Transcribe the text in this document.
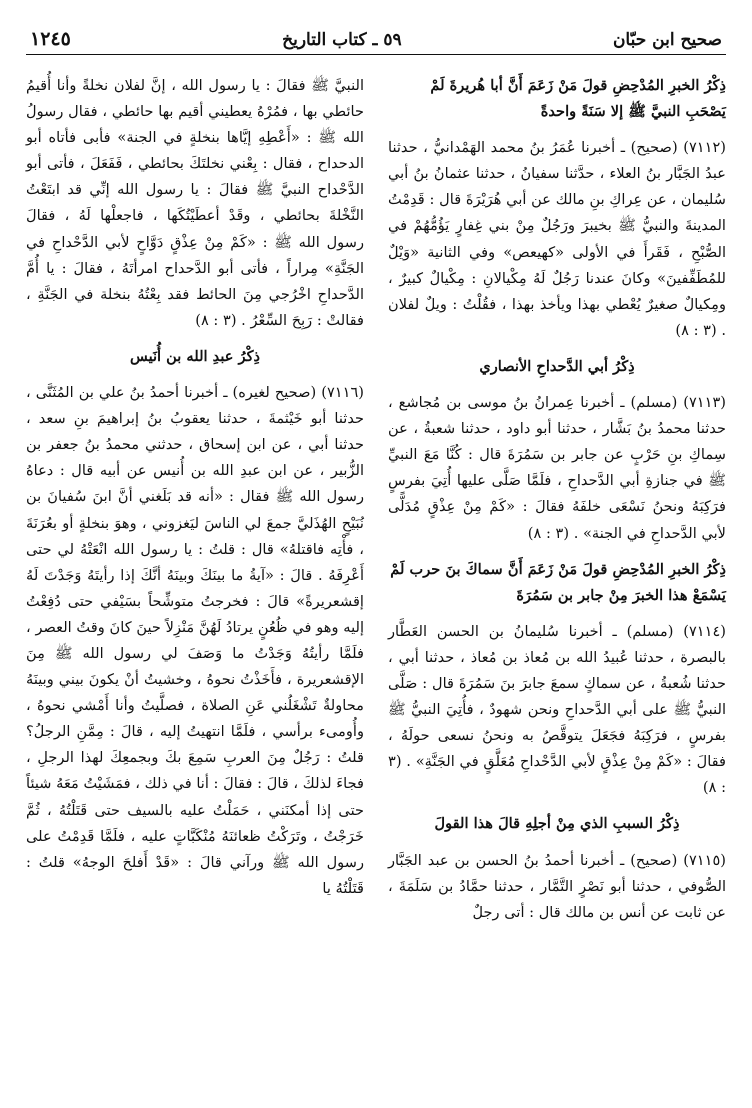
١٢٤٥	٥٩ ـ كتاب التاريخ	صحيح ابن حبّان

ذِكْرُ الخبرِ المُدْحِضِ قولَ مَنْ زَعَمَ أَنَّ أبا هُريرةَ لَمْ يَصْحَبِ النبيَّ ﷺ إلا سَنَةً واحدةً

(٧١١٢) (صحيح) ـ أخبرنا عُمَرُ بنُ محمد الهَمْدانيُّ ، حدثنا عبدُ الجَبَّار بنُ العلاء ، حدَّثنا سفيانُ ، حدثنا عثمانُ بنُ أبي سُليمان ، عن عِراكِ بنِ مالك عن أبي هُرَيْرَةَ قال : قَدِمْتُ المدينةَ والنبيُّ ﷺ بخيبرَ ورَجُلٌ مِنْ بني غِفارٍ يَؤُمُّهُمْ في الصُّبْحِ ، فَقَرأَ في الأولى «كهيعص» وفي الثانية «وَيْلٌ للمُطَفِّفينَ» وكانَ عندنا رَجُلٌ لَهُ مِكْيالانِ : مِكْيالٌ كبيرٌ ، ومِكيالٌ صغيرٌ يُعْطي بهذا ويأخذ بهذا ، فقُلْتُ : ويلٌ لفلان . (٣ : ٨)

ذِكْرُ أبي الدَّحداحِ الأنصاري

(٧١١٣) (مسلم) ـ أخبرنا عِمرانُ بنُ موسى بن مُجاشع ، حدثنا محمدُ بنُ بَشَّار ، حدثنا أبو داود ، حدثنا شعبةُ ، عن سِماكِ بنِ حَرْبٍ عن جابر بن سَمُرَةَ قال : كُنَّا مَعَ النبيِّ ﷺ في جنازةِ أبي الدَّحداحِ ، فلَمَّا صَلَّى عليها أُتِيَ بفرسٍ فرَكِبَهُ ونحنُ نَسْعَى خلفَهُ فقالَ : «كَمْ مِنْ عِذْقٍ مُدَلًّى لأبي الدَّحداحِ في الجنة» . (٣ : ٨)

ذِكْرُ الخبرِ المُدْحِضِ قولَ مَنْ زَعَمَ أَنَّ سماكَ بنَ حرب لَمْ يَسْمَعْ هذا الخبرَ مِنْ جابر بن سَمُرَةَ

(٧١١٤) (مسلم) ـ أخبرنا سُليمانُ بن الحسن العَطَّار بالبصرة ، حدثنا عُبيدُ الله بن مُعاذ بن مُعاذ ، حدثنا أبي ، حدثنا شُعبةُ ، عن سماكٍ سمعَ جابرَ بنَ سَمُرَةَ قال : صَلَّى النبيُّ ﷺ على أبي الدَّحداحِ ونحن شهودٌ ، فأُتِيَ النبيُّ ﷺ بفرسٍ ، فرَكِبَهُ فجَعَلَ يتوقَّصُ به ونحنُ نسعى حولَهُ ، فقالَ : «كَمْ مِنْ عِذْقٍ لأبي الدَّحْداحِ مُعَلَّقٍ في الجَنَّةِ» . (٣ : ٨)

ذِكْرُ السببِ الذي مِنْ أجلِهِ قالَ هذا القولَ

(٧١١٥) (صحيح) ـ أخبرنا أحمدُ بنُ الحسن بن عبد الجَبَّار الصُّوفي ، حدثنا أبو نَصْرٍ التَّمَّار ، حدثنا حمَّادُ بن سَلَمَةَ ، عن ثابت عن أنس بن مالك قال : أتى رجلٌ

النبيَّ ﷺ فقالَ : يا رسول الله ، إنَّ لفلان نخلةً وأنا أُقيمُ حائطي بها ، فمُرْهُ يعطيني أقيم بها حائطي ، فقال رسولُ الله ﷺ : «أَعْطِهِ إيَّاها بنخلةٍ في الجنة» فأبى فأتاه أبو الدحداح ، فقال : بِعْني نخلتَكَ بحائطي ، فَفَعَلَ ، فأتى أبو الدَّحْداح النبيَّ ﷺ فقالَ : يا رسول الله إنِّي قد ابتَعْتُ النَّخْلةَ بحائطي ، وقَدْ أعطَيْتُكَها ، فاجعلْها لَهُ ، فقالَ رسول الله ﷺ : «كَمْ مِنْ عِذْقٍ دَوَّاحٍ لأبي الدَّحْداحِ في الجَنَّةِ» مِراراً ، فأتى أبو الدَّحداح امرأتَهُ ، فقالَ : يا أُمَّ الدَّحداحِ اخْرُجي مِنَ الحائط فقد بِعْتُهُ بنخلة في الجَنَّةِ ، فقالتْ : رَبِحَ السِّعْرُ . (٣ : ٨)

ذِكْرُ عبدِ الله بن أُنَيس

(٧١١٦) (صحيح لغيره) ـ أخبرنا أحمدُ بنُ علي بن المُثَنَّى ، حدثنا أبو خَيْثمةَ ، حدثنا يعقوبُ بنُ إبراهيمَ بنِ سعد ، حدثنا أبي ، عن ابن إسحاق ، حدثني محمدُ بنُ جعفر بن الزُّبير ، عن ابن عبدِ الله بن أُنيس عن أبيه قال : دعاهُ رسول الله ﷺ فقال : «أنه قد بَلَغني أنَّ ابنَ سُفيانَ بن نُبَيْحٍ الهُذَليَّ جمعَ لي الناسَ ليَغزوني ، وهوَ بنخلةٍ أو بعُرَنَةَ ، فأْتِه فاقتلهُ» قال : قلتُ : يا رسول الله انْعَتْهُ لي حتى أَعْرِفَهُ . قالَ : «آيةُ ما بينَكَ وبينَهُ أنَّكَ إذا رأيتَهُ وَجَدْتَ لَهُ إقشعريرةً» قالَ : فخرجتُ متوشِّحاً بسَيْفي حتى دُفِعْتُ إليه وهو في ظُعُنٍ يرتادُ لَهُنَّ مَنْزِلاً حينَ كانَ وقتُ العصر ، فلَمَّا رأيتُهُ وَجَدْتُ ما وَصَفَ لي رسول الله ﷺ مِنَ الإقشعريرة ، فأَخَذْتُ نحوهُ ، وخشيتُ أنْ يكونَ بيني وبينَهُ محاولةٌ تَشْغَلُني عَنِ الصلاة ، فصلَّيتُ وأنا أَمْشي نحوهُ ، وأُومىء برأسي ، فلَمَّا انتهيتُ إليه ، قالَ : مِمَّنِ الرجلُ؟ قلتُ : رَجُلٌ مِنَ العربِ سَمِعَ بكَ وبجمعِكَ لهذا الرجلِ ، فجاءَ لذلكَ ، قالَ : فقالَ : أنا في ذلك ، فمَشَيْتُ مَعَهُ شيئاً حتى إذا أمكنَني ، حَمَلْتُ عليه بالسيف حتى قَتَلْتُهُ ، ثُمَّ خَرَجْتُ ، وتَرَكْتُ ظعائنَهُ مُنْكَبَّاتٍ عليه ، فلَمَّا قَدِمْتُ على رسول الله ﷺ ورآني قالَ : «قَدْ أَفلحَ الوجهُ» قلتُ : قَتَلْتُهُ يا
